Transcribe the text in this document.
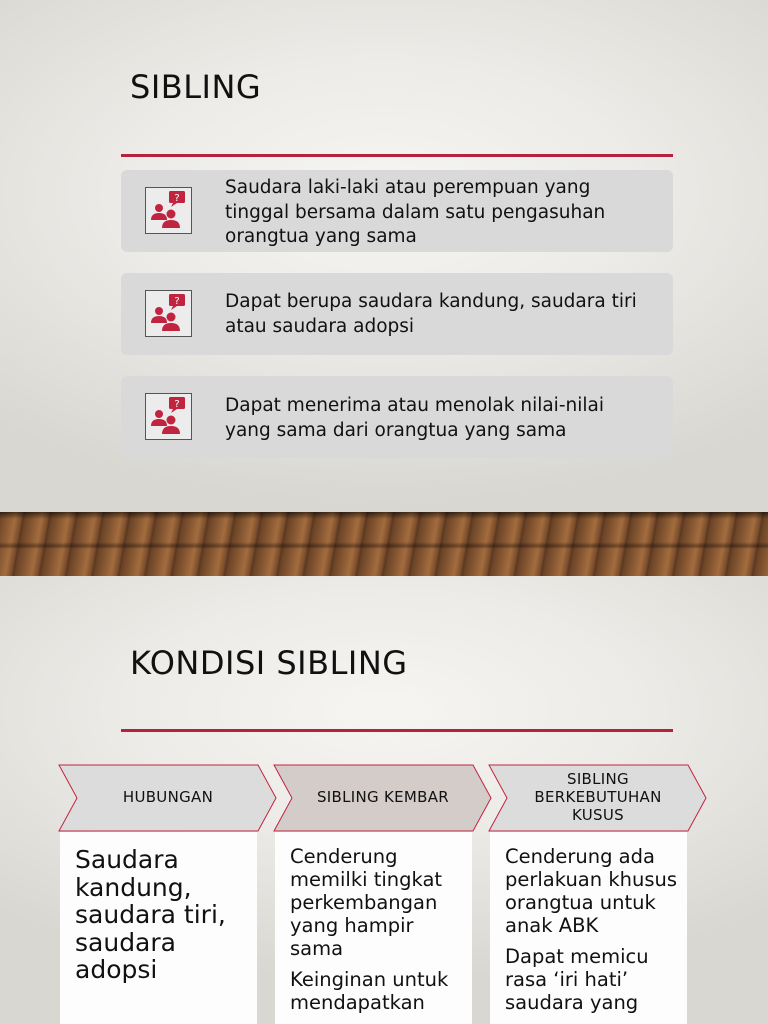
SIBLING
?
Saudara laki-laki atau perempuan yang tinggal bersama dalam satu pengasuhan orangtua yang sama
? Dapat berupa saudara kandung, saudara tiri atau saudara adopsi
? Dapat menerima atau menolak nilai-nilai yang sama dari orangtua yang sama
KONDISI SIBLING
HUBUNGAN	SIBLING KEMBAR
SIBLING BERKEBUTUHAN KUSUS
Saudara kandung, saudara tiri, saudara adopsi

Cenderung memilki tingkat perkembangan yang hampir sama

Keinginan untuk mendapatkan

Cenderung ada perlakuan khusus orangtua untuk anak ABK

Dapat memicu rasa ‘iri hati’ saudara yang
